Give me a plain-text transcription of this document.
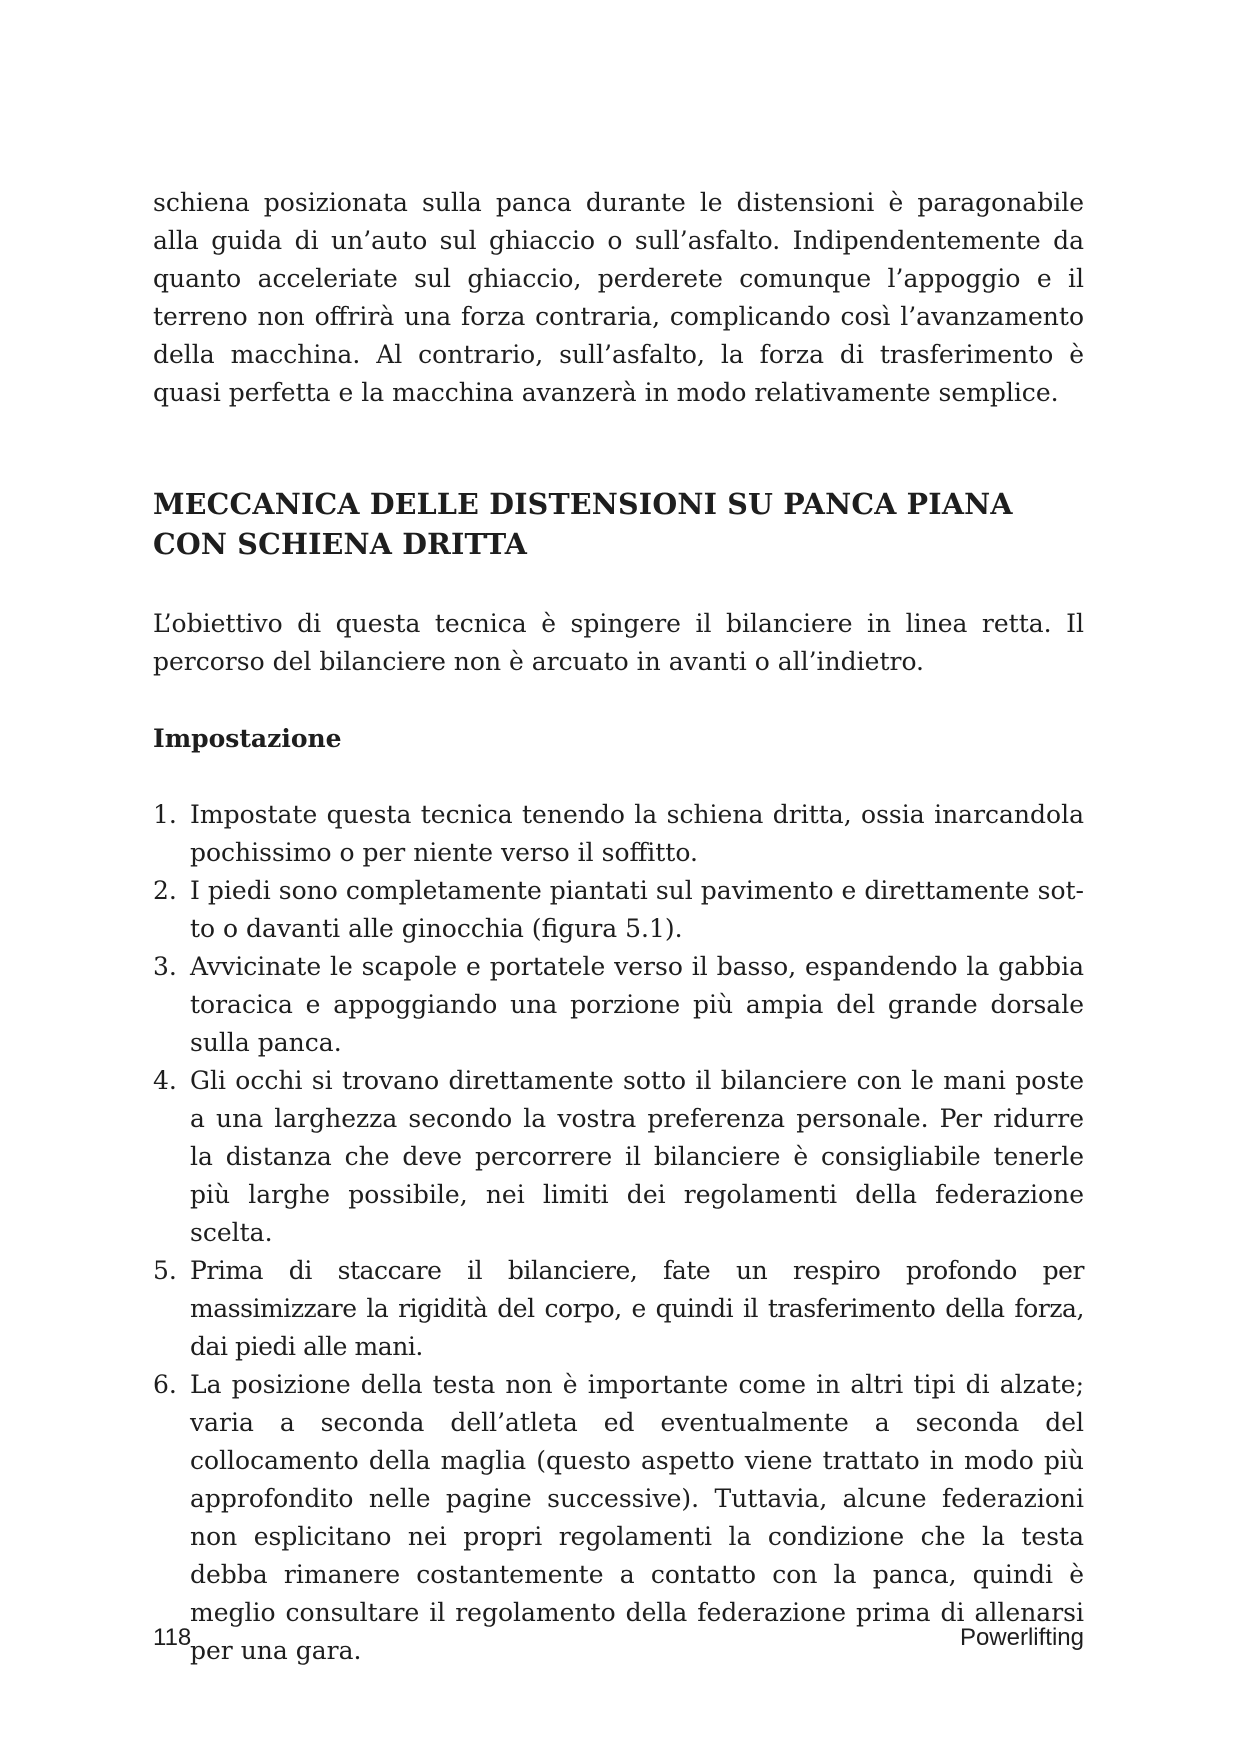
schiena posizionata sulla panca durante le distensioni è paragonabile alla guida di un’auto sul ghiaccio o sull’asfalto. Indipendentemente da quanto acceleriate sul ghiaccio, perderete comunque l’appoggio e il terreno non offrirà una forza contraria, complicando così l’avanzamento della macchina. Al contrario, sull’asfalto, la forza di trasferimento è quasi perfetta e la macchina avanzerà in modo relativamente semplice.

MECCANICA DELLE DISTENSIONI SU PANCA PIANA CON SCHIENA DRITTA

L’obiettivo di questa tecnica è spingere il bilanciere in linea retta. Il percorso del bilanciere non è arcuato in avanti o all’indietro.

Impostazione
1. Impostate questa tecnica tenendo la schiena dritta, ossia inarcandola pochissimo o per niente verso il soffitto.
2. I piedi sono completamente piantati sul pavimento e direttamente sotto o davanti alle ginocchia (figura 5.1).
3. Avvicinate le scapole e portatele verso il basso, espandendo la gabbia toracica e appoggiando una porzione più ampia del grande dorsale sulla panca.
4. Gli occhi si trovano direttamente sotto il bilanciere con le mani poste a una larghezza secondo la vostra preferenza personale. Per ridurre la distanza che deve percorrere il bilanciere è consigliabile tenerle più larghe possibile, nei limiti dei regolamenti della federazione scelta.
5. Prima di staccare il bilanciere, fate un respiro profondo per massimizzare la rigidità del corpo, e quindi il trasferimento della forza, dai piedi alle mani.
6. La posizione della testa non è importante come in altri tipi di alzate; varia a seconda dell’atleta ed eventualmente a seconda del collocamento della maglia (questo aspetto viene trattato in modo più approfondito nelle pagine successive). Tuttavia, alcune federazioni non esplicitano nei propri regolamenti la condizione che la testa debba rimanere costantemente a contatto con la panca, quindi è meglio consultare il regolamento della federazione prima di allenarsi per una gara.
118	Powerlifting
